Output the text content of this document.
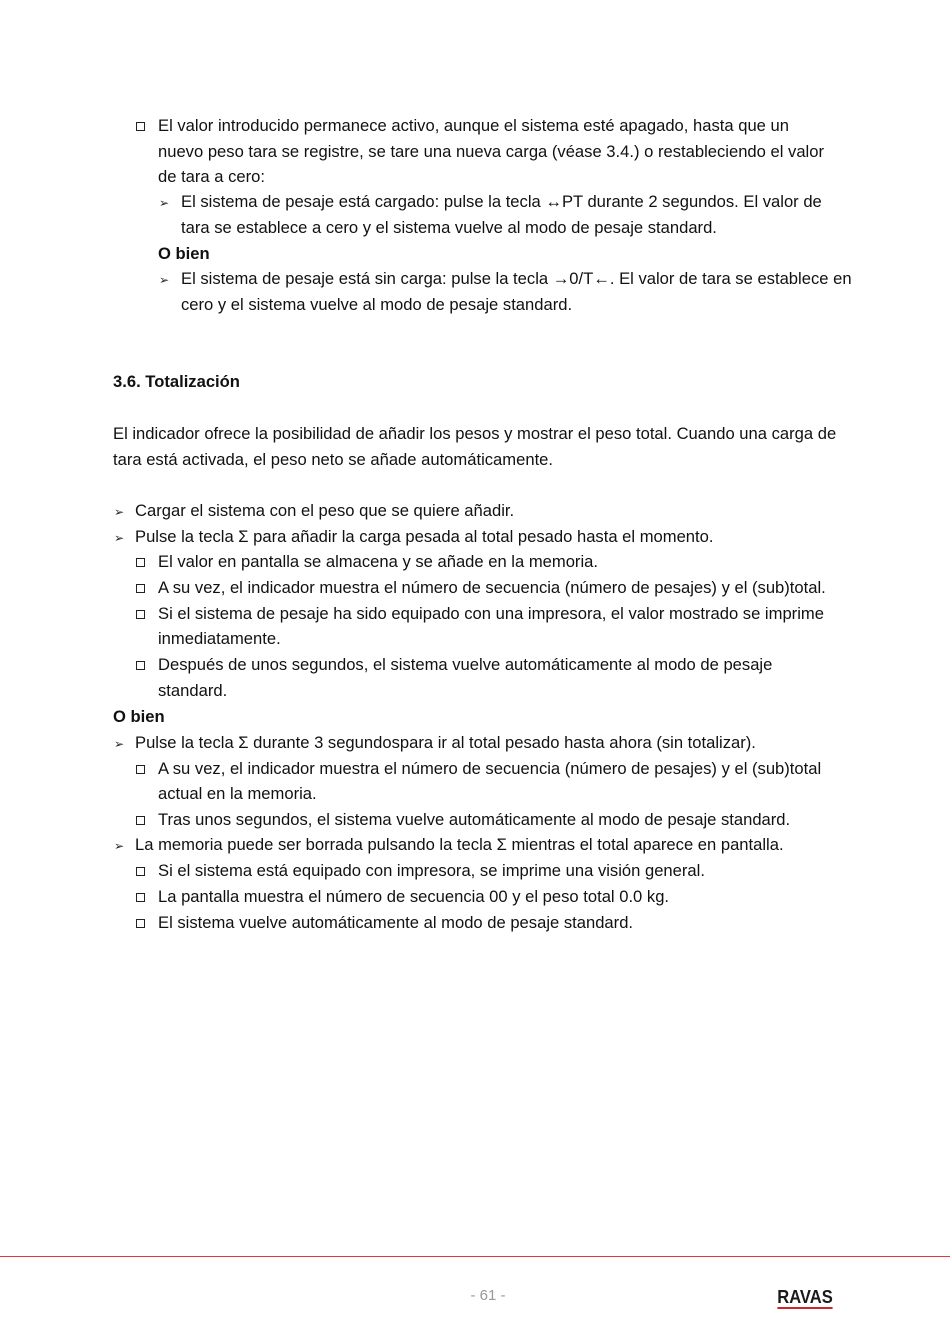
El valor introducido permanece activo, aunque el sistema esté apagado, hasta que un
nuevo peso tara se registre, se tare una nueva carga (véase 3.4.) o restableciendo el valor
de tara a cero:
➢ El sistema de pesaje está cargado: pulse la tecla ↔PT durante 2 segundos. El valor de
tara se establece a cero y el sistema vuelve al modo de pesaje standard.
O bien
➢ El sistema de pesaje está sin carga: pulse la tecla →0/T←. El valor de tara se establece en
cero y el sistema vuelve al modo de pesaje standard.
3.6. Totalización
El indicador ofrece la posibilidad de añadir los pesos y mostrar el peso total. Cuando una carga de
tara está activada, el peso neto se añade automáticamente.
➢ Cargar el sistema con el peso que se quiere añadir.
➢ Pulse la tecla Σ para añadir la carga pesada al total pesado hasta el momento.
El valor en pantalla se almacena y se añade en la memoria.
A su vez, el indicador muestra el número de secuencia (número de pesajes) y el (sub)total.
Si el sistema de pesaje ha sido equipado con una impresora, el valor mostrado se imprime
inmediatamente.
Después de unos segundos, el sistema vuelve automáticamente al modo de pesaje
standard.
O bien
➢ Pulse la tecla Σ durante 3 segundospara ir al total pesado hasta ahora (sin totalizar).
A su vez, el indicador muestra el número de secuencia (número de pesajes) y el (sub)total
actual en la memoria.
Tras unos segundos, el sistema vuelve automáticamente al modo de pesaje standard.
➢ La memoria puede ser borrada pulsando la tecla Σ mientras el total aparece en pantalla.
Si el sistema está equipado con impresora, se imprime una visión general.
La pantalla muestra el número de secuencia 00 y el peso total 0.0 kg.
El sistema vuelve automáticamente al modo de pesaje standard.
- 61 -	RAVAS
